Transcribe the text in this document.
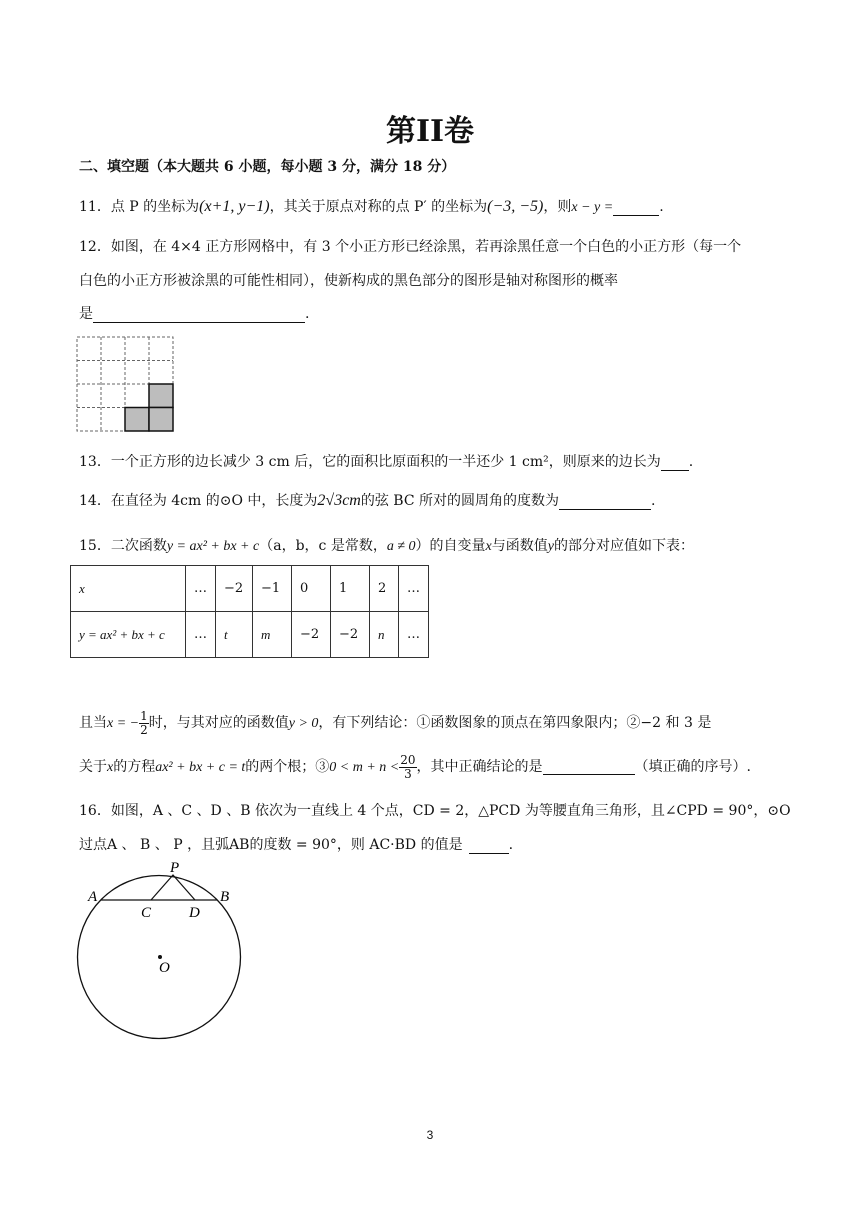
第II卷
二、填空题（本大题共 6 小题，每小题 3 分，满分 18 分）
11．点 P 的坐标为(x+1, y−1)，其关于原点对称的点 P′ 的坐标为(−3, −5)，则x − y =	.
12．如图，在 4×4 正方形网格中，有 3 个小正方形已经涂黑，若再涂黑任意一个白色的小正方形（每一个
白色的小正方形被涂黑的可能性相同），使新构成的黑色部分的图形是轴对称图形的概率
是	.
13．一个正方形的边长减少 3 cm 后，它的面积比原面积的一半还少 1 cm²，则原来的边长为 .
14．在直径为 4cm 的⊙O 中，长度为2√3cm的弦 BC 所对的圆周角的度数为	.
15．二次函数y = ax² + bx + c（a，b，c 是常数，a ≠ 0）的自变量x与函数值y的部分对应值如下表：
x	…	−2	−1	0	1	2	…
y = ax² + bx + c	…	t	m	−2	−2	n	…
且当x = − $\frac{1}{2}$ 时，与其对应的函数值y > 0，有下列结论：①函数图象的顶点在第四象限内；②−2 和 3 是
关于x的方程ax² + bx + c = t的两个根；③0 < $m + n < \frac{20}{3}$ ，其中正确结论的是	（填正确的序号）.
16．如图，A 、C 、D 、B 依次为一直线上 4 个点，CD = 2，△PCD 为等腰直角三角形，且∠CPD = 90°，⊙O
过点A 、 B 、 P ，且弧AB的度数 = 90°，则 AC·BD 的值是	.
A	B
C	D
P
O
3
